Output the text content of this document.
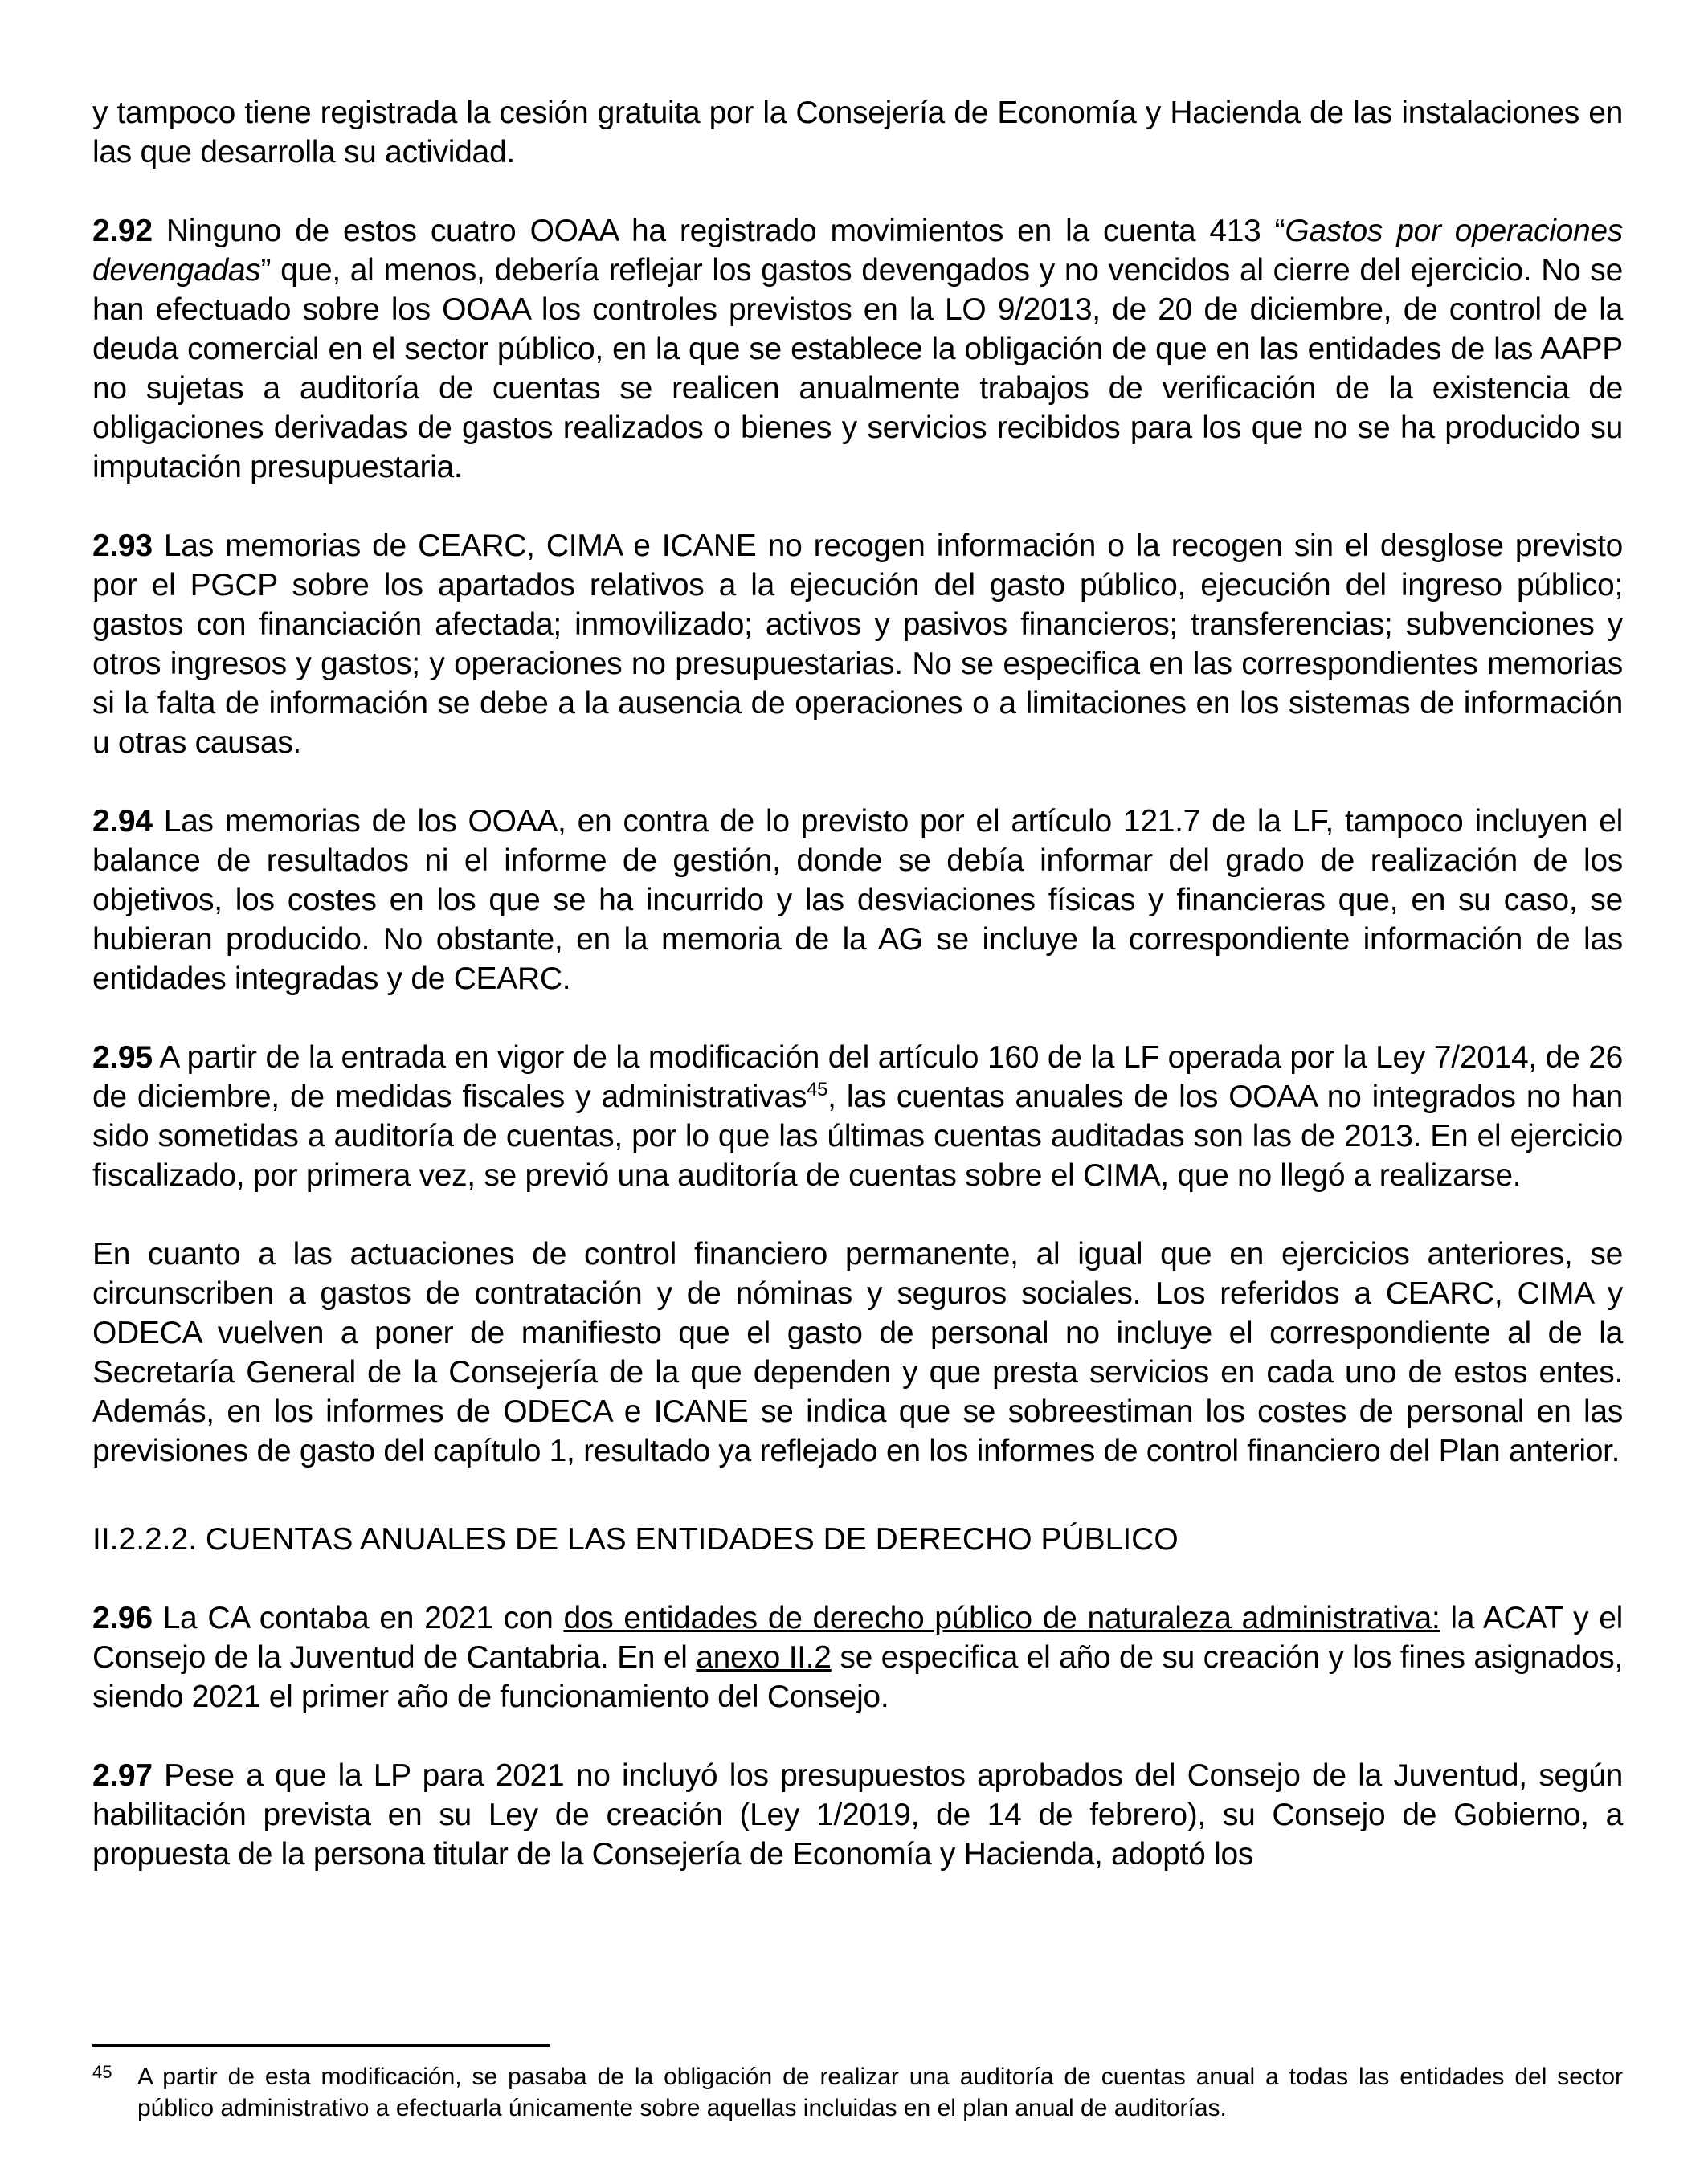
y tampoco tiene registrada la cesión gratuita por la Consejería de Economía y Hacienda de las instalaciones en las que desarrolla su actividad.

2.92 Ninguno de estos cuatro OOAA ha registrado movimientos en la cuenta 413 “Gastos por operaciones devengadas” que, al menos, debería reflejar los gastos devengados y no vencidos al cierre del ejercicio. No se han efectuado sobre los OOAA los controles previstos en la LO 9/2013, de 20 de diciembre, de control de la deuda comercial en el sector público, en la que se establece la obligación de que en las entidades de las AAPP no sujetas a auditoría de cuentas se realicen anualmente trabajos de verificación de la existencia de obligaciones derivadas de gastos realizados o bienes y servicios recibidos para los que no se ha producido su imputación presupuestaria.

2.93 Las memorias de CEARC, CIMA e ICANE no recogen información o la recogen sin el desglose previsto por el PGCP sobre los apartados relativos a la ejecución del gasto público, ejecución del ingreso público; gastos con financiación afectada; inmovilizado; activos y pasivos financieros; transferencias; subvenciones y otros ingresos y gastos; y operaciones no presupuestarias. No se especifica en las correspondientes memorias si la falta de información se debe a la ausencia de operaciones o a limitaciones en los sistemas de información u otras causas.

2.94 Las memorias de los OOAA, en contra de lo previsto por el artículo 121.7 de la LF, tampoco incluyen el balance de resultados ni el informe de gestión, donde se debía informar del grado de realización de los objetivos, los costes en los que se ha incurrido y las desviaciones físicas y financieras que, en su caso, se hubieran producido. No obstante, en la memoria de la AG se incluye la correspondiente información de las entidades integradas y de CEARC.

2.95 A partir de la entrada en vigor de la modificación del artículo 160 de la LF operada por la Ley 7/2014, de 26 de diciembre, de medidas fiscales y administrativas$^{45}$, las cuentas anuales de los OOAA no integrados no han sido sometidas a auditoría de cuentas, por lo que las últimas cuentas auditadas son las de 2013. En el ejercicio fiscalizado, por primera vez, se previó una auditoría de cuentas sobre el CIMA, que no llegó a realizarse.

En cuanto a las actuaciones de control financiero permanente, al igual que en ejercicios anteriores, se circunscriben a gastos de contratación y de nóminas y seguros sociales. Los referidos a CEARC, CIMA y ODECA vuelven a poner de manifiesto que el gasto de personal no incluye el correspondiente al de la Secretaría General de la Consejería de la que dependen y que presta servicios en cada uno de estos entes. Además, en los informes de ODECA e ICANE se indica que se sobreestiman los costes de personal en las previsiones de gasto del capítulo 1, resultado ya reflejado en los informes de control financiero del Plan anterior.

II.2.2.2. CUENTAS ANUALES DE LAS ENTIDADES DE DERECHO PÚBLICO

2.96 La CA contaba en 2021 con dos entidades de derecho público de naturaleza administrativa: la ACAT y el Consejo de la Juventud de Cantabria. En el anexo II.2 se especifica el año de su creación y los fines asignados, siendo 2021 el primer año de funcionamiento del Consejo.

2.97 Pese a que la LP para 2021 no incluyó los presupuestos aprobados del Consejo de la Juventud, según habilitación prevista en su Ley de creación (Ley 1/2019, de 14 de febrero), su Consejo de Gobierno, a propuesta de la persona titular de la Consejería de Economía y Hacienda, adoptó los

45 A partir de esta modificación, se pasaba de la obligación de realizar una auditoría de cuentas anual a todas las entidades del sector público administrativo a efectuarla únicamente sobre aquellas incluidas en el plan anual de auditorías.
